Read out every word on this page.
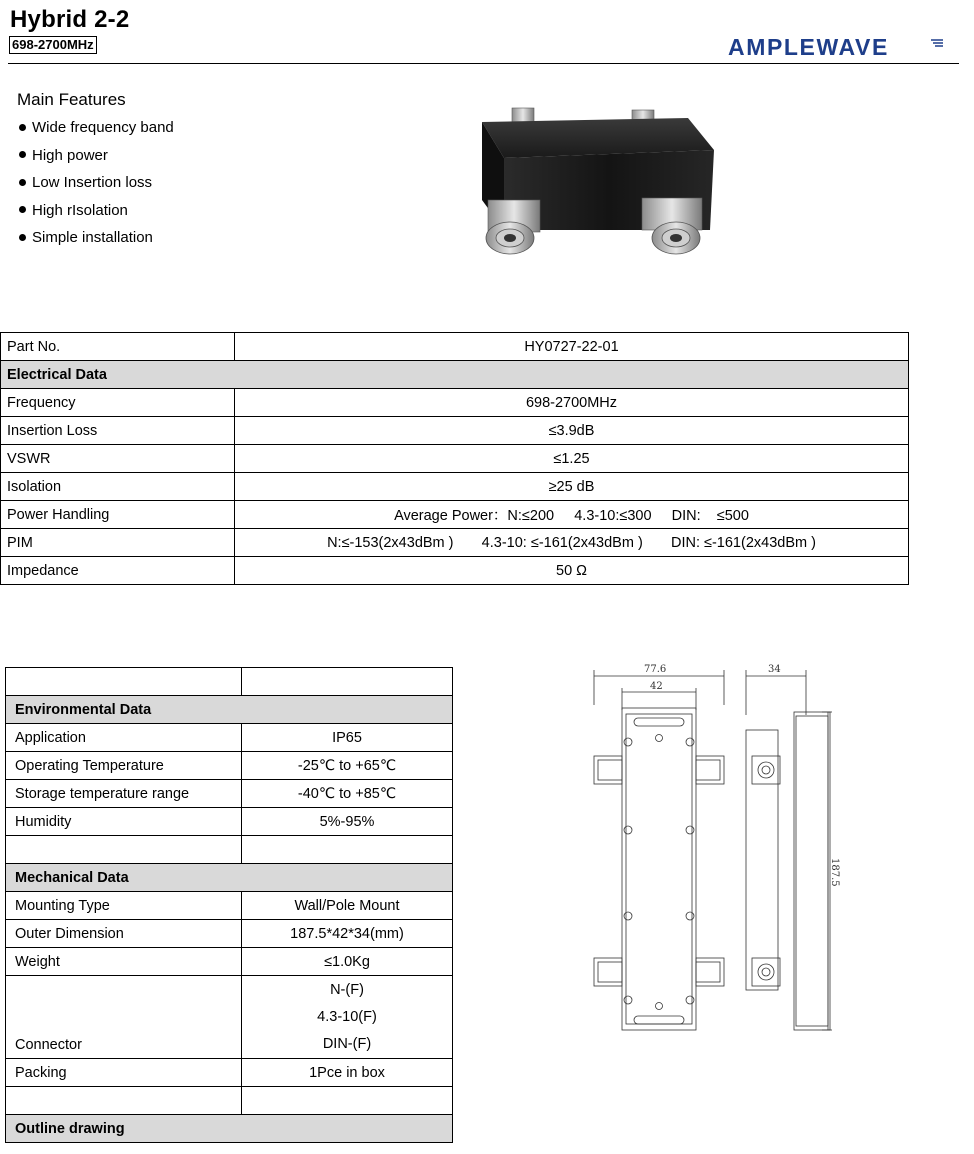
Hybrid 2-2
698-2700MHz	AMPLEWAVE
Main Features
Wide frequency band
High power
Low Insertion loss
High rIsolation
Simple installation
Part No.	HY0727-22-01
Electrical Data	
Frequency	698-2700MHz
Insertion Loss	≤3.9dB
VSWR	≤1.25
Isolation	≥25 dB
Power Handling	Average Power：N:≤200     4.3-10:≤300     DIN:    ≤500
PIM	N:≤-153(2x43dBm )       4.3-10: ≤-161(2x43dBm )       DIN: ≤-161(2x43dBm )
Impedance	50 Ω

Environmental Data	
Application	IP65
Operating Temperature	-25℃ to +65℃
Storage temperature range	-40℃ to +85℃
Humidity	5%-95%

Mechanical Data	
Mounting Type	Wall/Pole Mount
Outer Dimension	187.5*42*34(mm)
Weight	≤1.0Kg
Connector	N-(F)
4.3-10(F)
DIN-(F)

Packing	1Pce in box

Outline drawing	
77.6
42
34
187.5
